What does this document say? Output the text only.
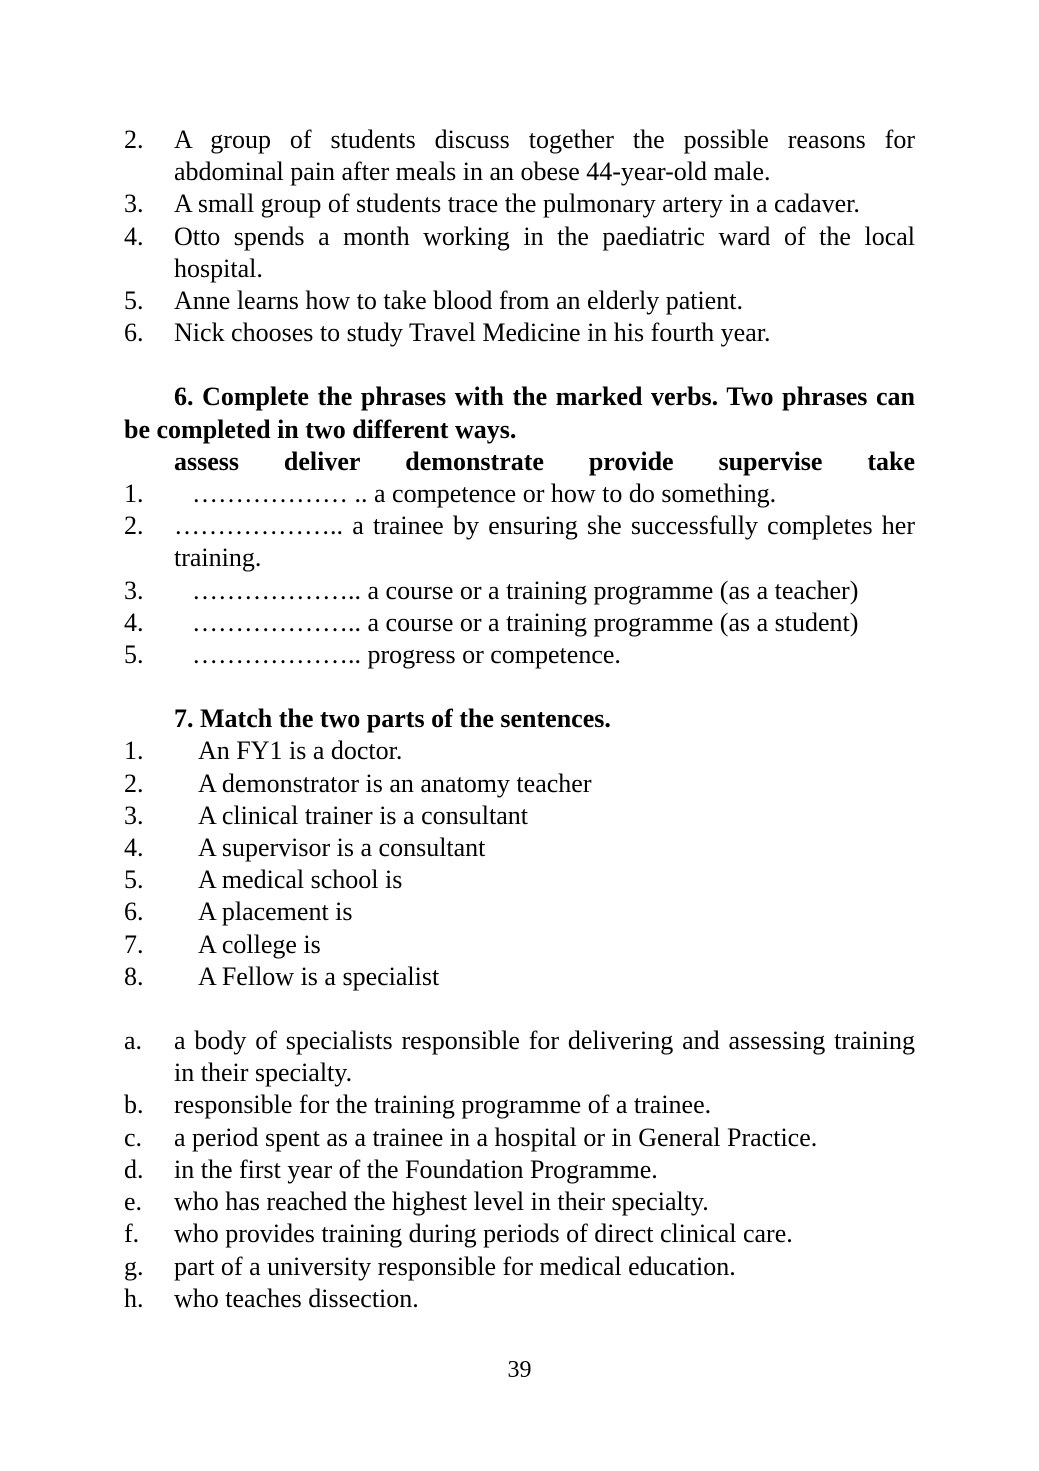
2.	A group of students discuss together the possible reasons for abdominal pain after meals in an obese 44-year-old male.
3.	A small group of students trace the pulmonary artery in a cadaver.
4.	Otto spends a month working in the paediatric ward of the local hospital.
5.	Anne learns how to take blood from an elderly patient.
6.	Nick chooses to study Travel Medicine in his fourth year.
6. Complete the phrases with the marked verbs. Two phrases can be completed in two different ways.
assess deliver demonstrate provide supervise take
1.	……………… .. a competence or how to do something.
2.	……………….. a trainee by ensuring she successfully completes her training.
3.	……………….. a course or a training programme (as a teacher)
4.	……………….. a course or a training programme (as a student)
5.	……………….. progress or competence.
7. Match the two parts of the sentences.
1.	An FY1 is a doctor.
2.	A demonstrator is an anatomy teacher
3.	A clinical trainer is a consultant
4.	A supervisor is a consultant
5.	A medical school is
6.	A placement is
7.	A college is
8.	A Fellow is a specialist
a.	a body of specialists responsible for delivering and assessing training in their specialty.
b.	responsible for the training programme of a trainee.
c.	a period spent as a trainee in a hospital or in General Practice.
d.	in the first year of the Foundation Programme.
e.	who has reached the highest level in their specialty.
f.	who provides training during periods of direct clinical care.
g.	part of a university responsible for medical education.
h.	who teaches dissection.
39
